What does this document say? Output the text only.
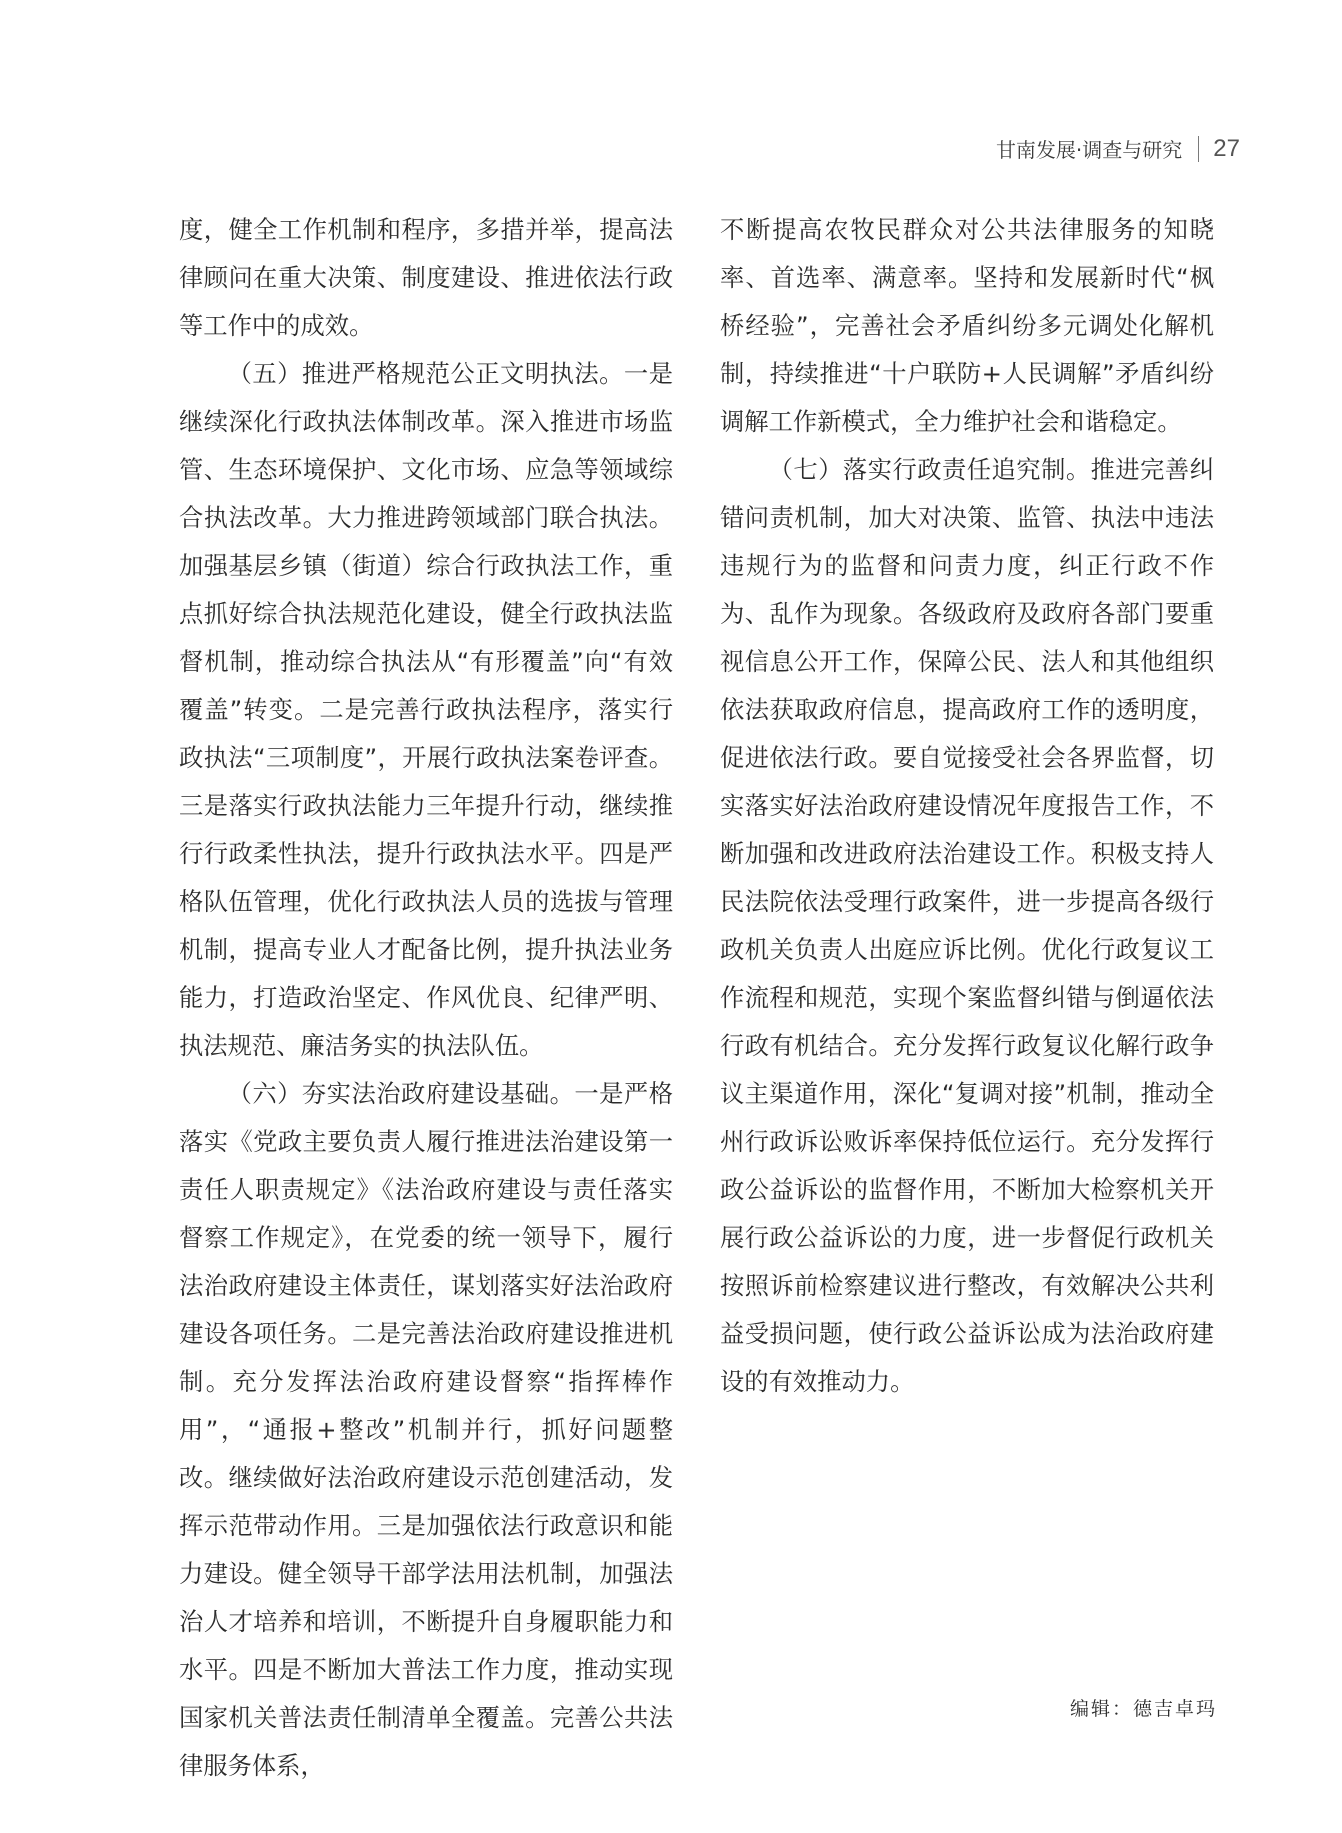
甘南发展·调查与研究 27

度，健全工作机制和程序，多措并举，提高法律顾问在重大决策、制度建设、推进依法行政等工作中的成效。

（五）推进严格规范公正文明执法。一是继续深化行政执法体制改革。深入推进市场监管、生态环境保护、文化市场、应急等领域综合执法改革。大力推进跨领域部门联合执法。加强基层乡镇（街道）综合行政执法工作，重点抓好综合执法规范化建设，健全行政执法监督机制，推动综合执法从“有形覆盖”向“有效覆盖”转变。二是完善行政执法程序，落实行政执法“三项制度”，开展行政执法案卷评查。三是落实行政执法能力三年提升行动，继续推行行政柔性执法，提升行政执法水平。四是严格队伍管理，优化行政执法人员的选拔与管理机制，提高专业人才配备比例，提升执法业务能力，打造政治坚定、作风优良、纪律严明、执法规范、廉洁务实的执法队伍。

（六）夯实法治政府建设基础。一是严格落实《党政主要负责人履行推进法治建设第一责任人职责规定》《法治政府建设与责任落实督察工作规定》，在党委的统一领导下，履行法治政府建设主体责任，谋划落实好法治政府建设各项任务。二是完善法治政府建设推进机制。充分发挥法治政府建设督察“指挥棒作用”，“通报+整改”机制并行，抓好问题整改。继续做好法治政府建设示范创建活动，发挥示范带动作用。三是加强依法行政意识和能力建设。健全领导干部学法用法机制，加强法治人才培养和培训，不断提升自身履职能力和水平。四是不断加大普法工作力度，推动实现国家机关普法责任制清单全覆盖。完善公共法律服务体系，

不断提高农牧民群众对公共法律服务的知晓率、首选率、满意率。坚持和发展新时代“枫桥经验”，完善社会矛盾纠纷多元调处化解机制，持续推进“十户联防+人民调解”矛盾纠纷调解工作新模式，全力维护社会和谐稳定。

（七）落实行政责任追究制。推进完善纠错问责机制，加大对决策、监管、执法中违法违规行为的监督和问责力度，纠正行政不作为、乱作为现象。各级政府及政府各部门要重视信息公开工作，保障公民、法人和其他组织依法获取政府信息，提高政府工作的透明度，促进依法行政。要自觉接受社会各界监督，切实落实好法治政府建设情况年度报告工作，不断加强和改进政府法治建设工作。积极支持人民法院依法受理行政案件，进一步提高各级行政机关负责人出庭应诉比例。优化行政复议工作流程和规范，实现个案监督纠错与倒逼依法行政有机结合。充分发挥行政复议化解行政争议主渠道作用，深化“复调对接”机制，推动全州行政诉讼败诉率保持低位运行。充分发挥行政公益诉讼的监督作用，不断加大检察机关开展行政公益诉讼的力度，进一步督促行政机关按照诉前检察建议进行整改，有效解决公共利益受损问题，使行政公益诉讼成为法治政府建设的有效推动力。

编辑：德吉卓玛
